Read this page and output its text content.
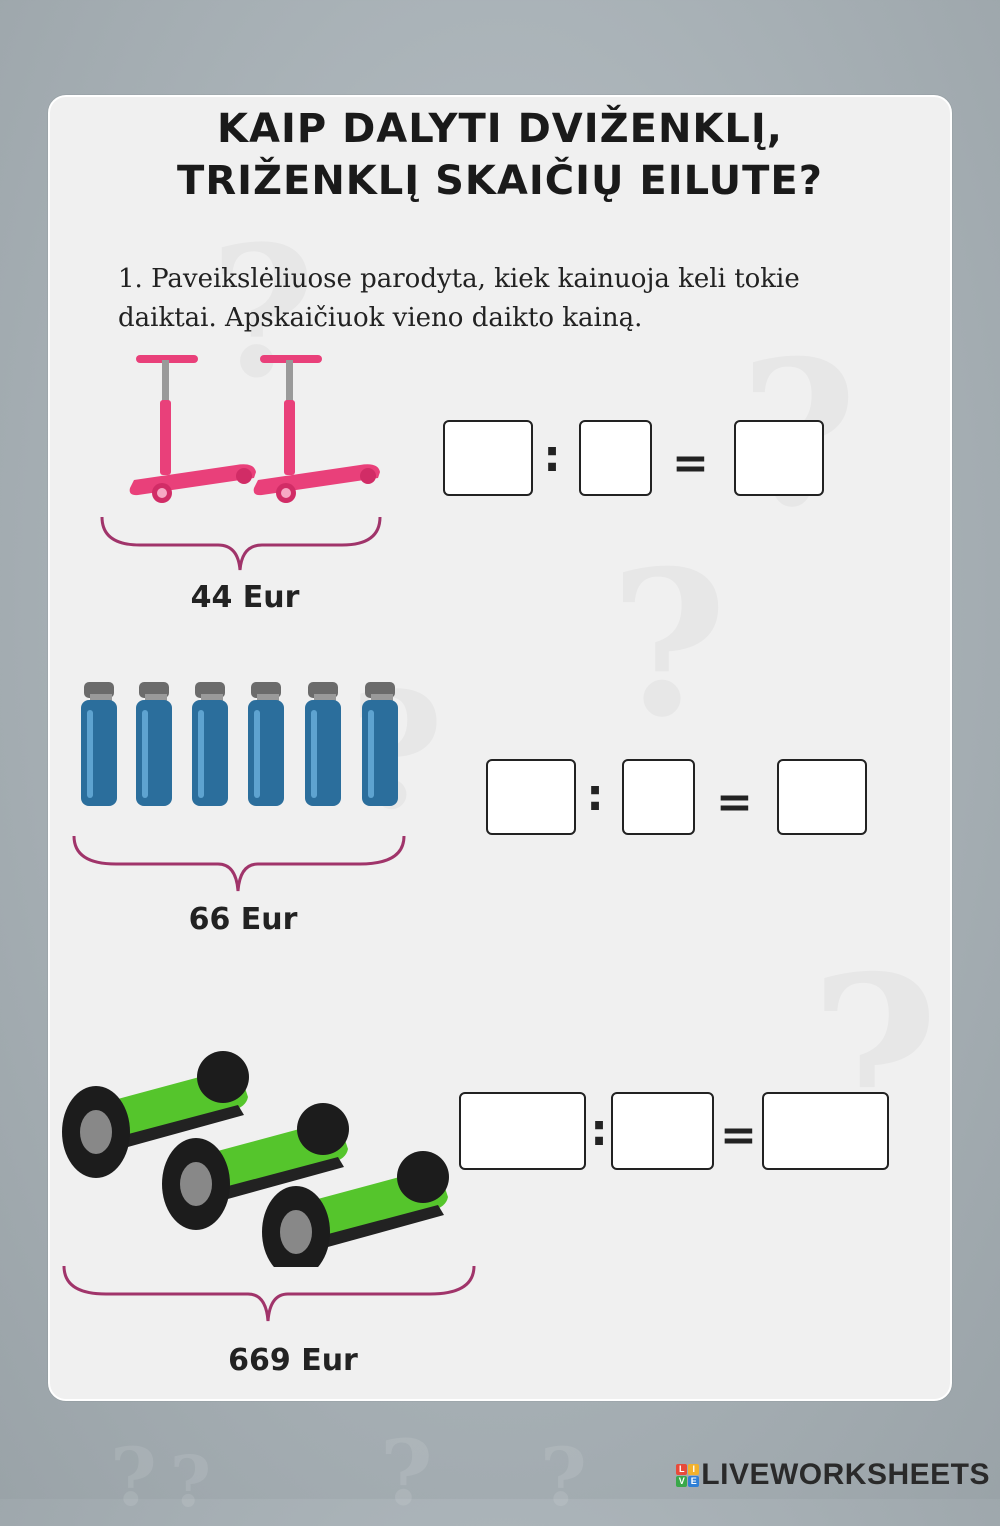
? ? ? ?
KAIP DALYTI DVIŽENKLĮ,
TRIŽENKLĮ SKAIČIŲ EILUTE?
1. Paveikslėliuose parodyta, kiek kainuoja keli tokie daiktai. Apskaičiuok vieno daikto kainą.
44 Eur
:	=
66 Eur
:	=
669 Eur
:	=
L I
V E LIVEWORKSHEETS
